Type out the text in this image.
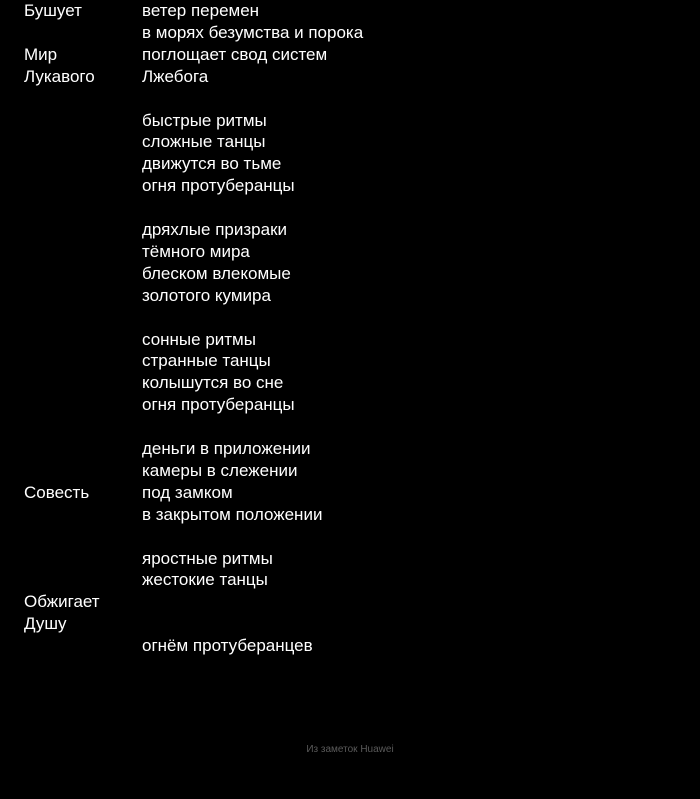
Бушует	ветер перемен
в морях безумства и порока
Мир	поглощает свод систем
Лукавого	Лжебога
быстрые ритмы
сложные танцы
движутся во тьме
огня протуберанцы
дряхлые призраки
тёмного мира
блеском влекомые
золотого кумира
сонные ритмы
странные танцы
колышутся во сне
огня протуберанцы
деньги в приложении
камеры в слежении
Совесть	под замком
в закрытом положении
яростные ритмы
жестокие танцы
Обжигает
Душу
огнём протуберанцев
Из заметок Huawei
